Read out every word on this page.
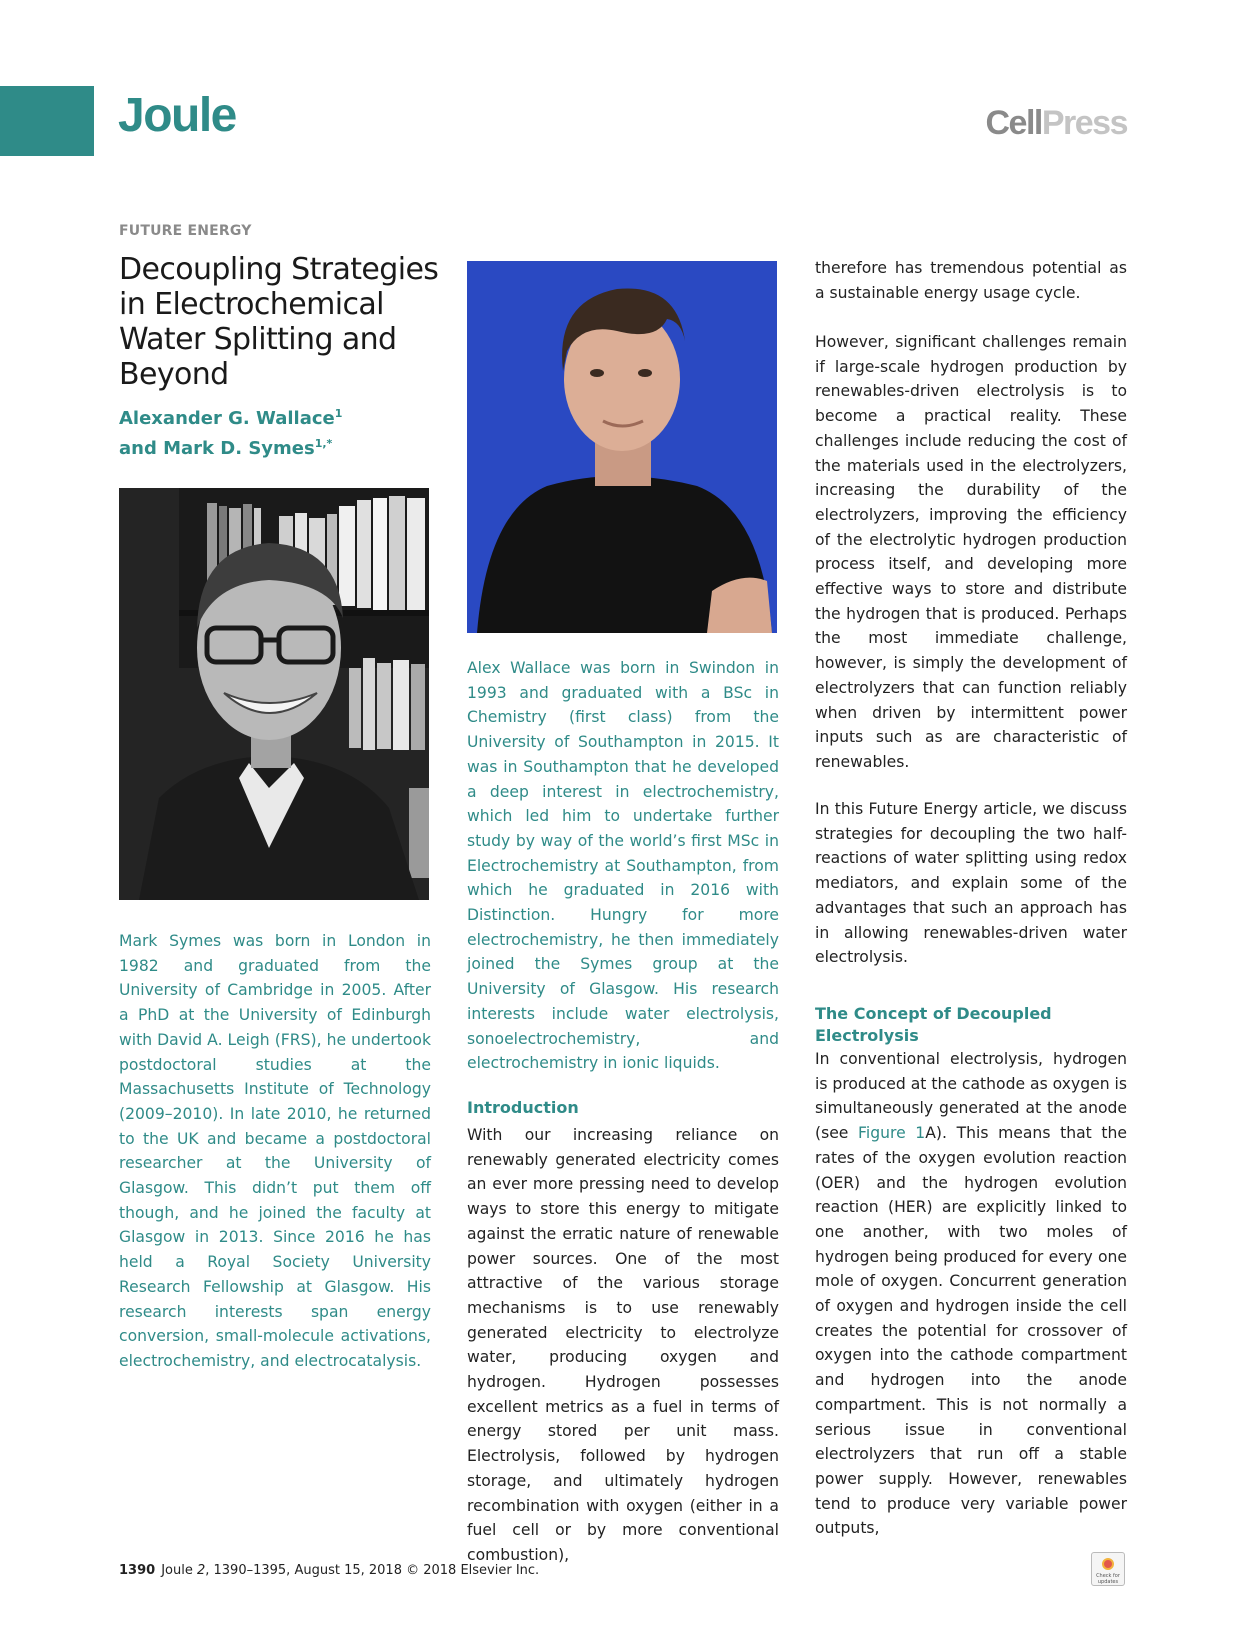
Joule	CellPress
FUTURE ENERGY
Decoupling Strategies in Electrochemical Water Splitting and Beyond
Alexander G. Wallace$^1$
and Mark D. Symes$^{1,*}$
Mark Symes was born in London in 1982 and graduated from the University of Cambridge in 2005. After a PhD at the University of Edinburgh with David A. Leigh (FRS), he undertook postdoctoral studies at the Massachusetts Institute of Technology (2009–2010). In late 2010, he returned to the UK and became a postdoctoral researcher at the University of Glasgow. This didn’t put them off though, and he joined the faculty at Glasgow in 2013. Since 2016 he has held a Royal Society University Research Fellowship at Glasgow. His research interests span energy conversion, small-molecule activations, electrochemistry, and electrocatalysis.
Alex Wallace was born in Swindon in 1993 and graduated with a BSc in Chemistry (first class) from the University of Southampton in 2015. It was in Southampton that he developed a deep interest in electrochemistry, which led him to undertake further study by way of the world’s first MSc in Electrochemistry at Southampton, from which he graduated in 2016 with Distinction. Hungry for more electrochemistry, he then immediately joined the Symes group at the University of Glasgow. His research interests include water electrolysis, sonoelectrochemistry, and electrochemistry in ionic liquids.
Introduction
With our increasing reliance on renewably generated electricity comes an ever more pressing need to develop ways to store this energy to mitigate against the erratic nature of renewable power sources. One of the most attractive of the various storage mechanisms is to use renewably generated electricity to electrolyze water, producing oxygen and hydrogen. Hydrogen possesses excellent metrics as a fuel in terms of energy stored per unit mass. Electrolysis, followed by hydrogen storage, and ultimately hydrogen recombination with oxygen (either in a fuel cell or by more conventional combustion),
therefore has tremendous potential as a sustainable energy usage cycle.
However, significant challenges remain if large-scale hydrogen production by renewables-driven electrolysis is to become a practical reality. These challenges include reducing the cost of the materials used in the electrolyzers, increasing the durability of the electrolyzers, improving the efficiency of the electrolytic hydrogen production process itself, and developing more effective ways to store and distribute the hydrogen that is produced. Perhaps the most immediate challenge, however, is simply the development of electrolyzers that can function reliably when driven by intermittent power inputs such as are characteristic of renewables.
In this Future Energy article, we discuss strategies for decoupling the two half-reactions of water splitting using redox mediators, and explain some of the advantages that such an approach has in allowing renewables-driven water electrolysis.
The Concept of Decoupled Electrolysis
In conventional electrolysis, hydrogen is produced at the cathode as oxygen is simultaneously generated at the anode (see Figure 1A). This means that the rates of the oxygen evolution reaction (OER) and the hydrogen evolution reaction (HER) are explicitly linked to one another, with two moles of hydrogen being produced for every one mole of oxygen. Concurrent generation of oxygen and hydrogen inside the cell creates the potential for crossover of oxygen into the cathode compartment and hydrogen into the anode compartment. This is not normally a serious issue in conventional electrolyzers that run off a stable power supply. However, renewables tend to produce very variable power outputs,
1390 Joule 2, 1390–1395, August 15, 2018 © 2018 Elsevier Inc.	Check for updates
